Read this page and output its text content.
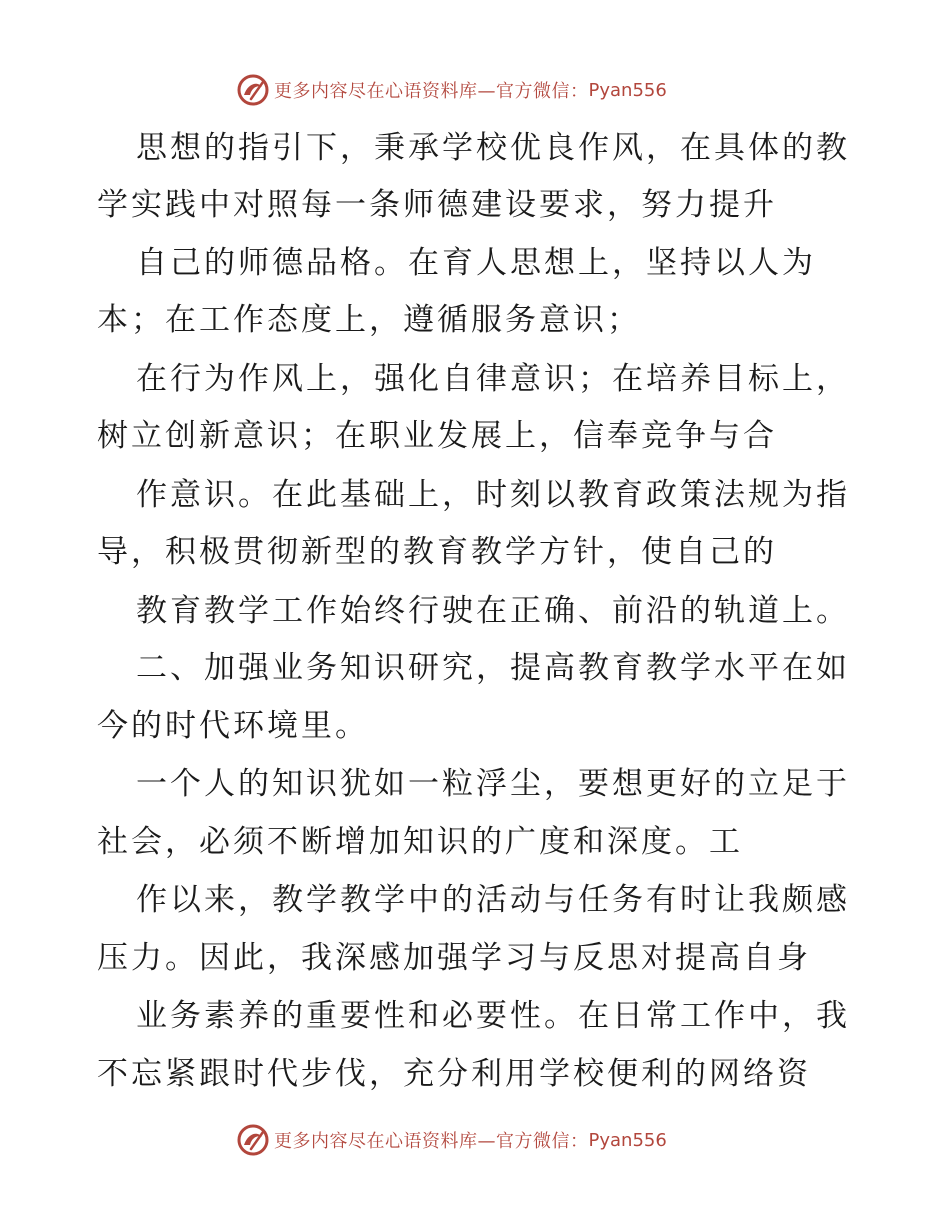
更多内容尽在心语资料库—官方微信： Pyan556
思想的指引下，秉承学校优良作风，在具体的教
学实践中对照每一条师德建设要求，努力提升
自己的师德品格。在育人思想上，坚持以人为
本；在工作态度上，遵循服务意识；
在行为作风上，强化自律意识；在培养目标上，
树立创新意识；在职业发展上，信奉竞争与合
作意识。在此基础上，时刻以教育政策法规为指
导，积极贯彻新型的教育教学方针，使自己的
教育教学工作始终行驶在正确、前沿的轨道上。
二、加强业务知识研究，提高教育教学水平在如
今的时代环境里。
一个人的知识犹如一粒浮尘，要想更好的立足于
社会，必须不断增加知识的广度和深度。工
作以来，教学教学中的活动与任务有时让我颇感
压力。因此，我深感加强学习与反思对提高自身
业务素养的重要性和必要性。在日常工作中，我
不忘紧跟时代步伐，充分利用学校便利的网络资
更多内容尽在心语资料库—官方微信： Pyan556
